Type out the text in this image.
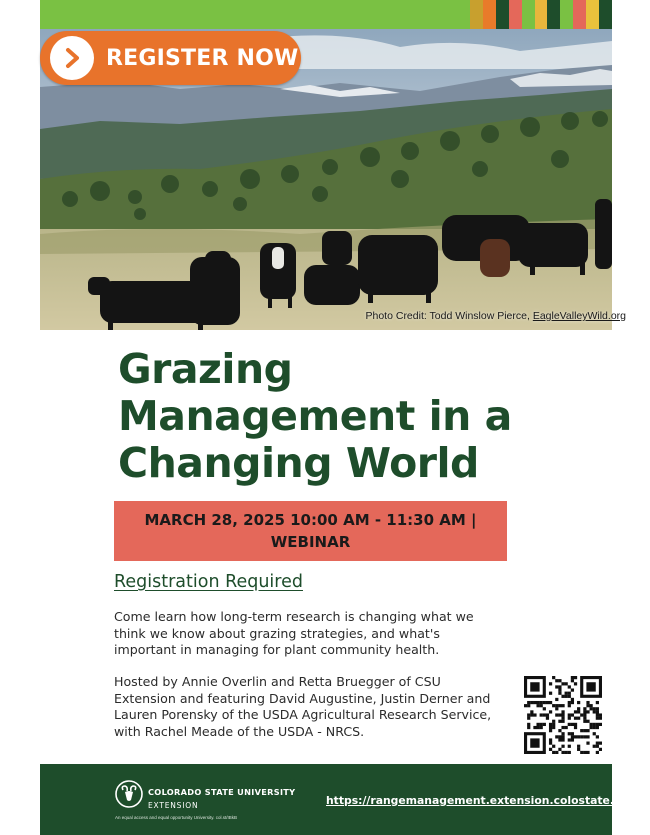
REGISTER NOW
Photo Credit: Todd Winslow Pierce, EagleValleyWild.org
Grazing
Management in a
Changing World
MARCH 28, 2025 10:00 AM - 11:30 AM |
WEBINAR
Registration Required

Come learn how long-term research is changing what we think we know about grazing strategies, and what's important in managing for plant community health.

Hosted by Annie Overlin and Retta Bruegger of CSU Extension and featuring David Augustine, Justin Derner and Lauren Porensky of the USDA Agricultural Research Service, with Rachel Meade of the USDA - NRCS.

COLORADO STATE UNIVERSITY
EXTENSION
An equal access and equal opportunity University. col.st/IBkB
https://rangemanagement.extension.colostate.edu
